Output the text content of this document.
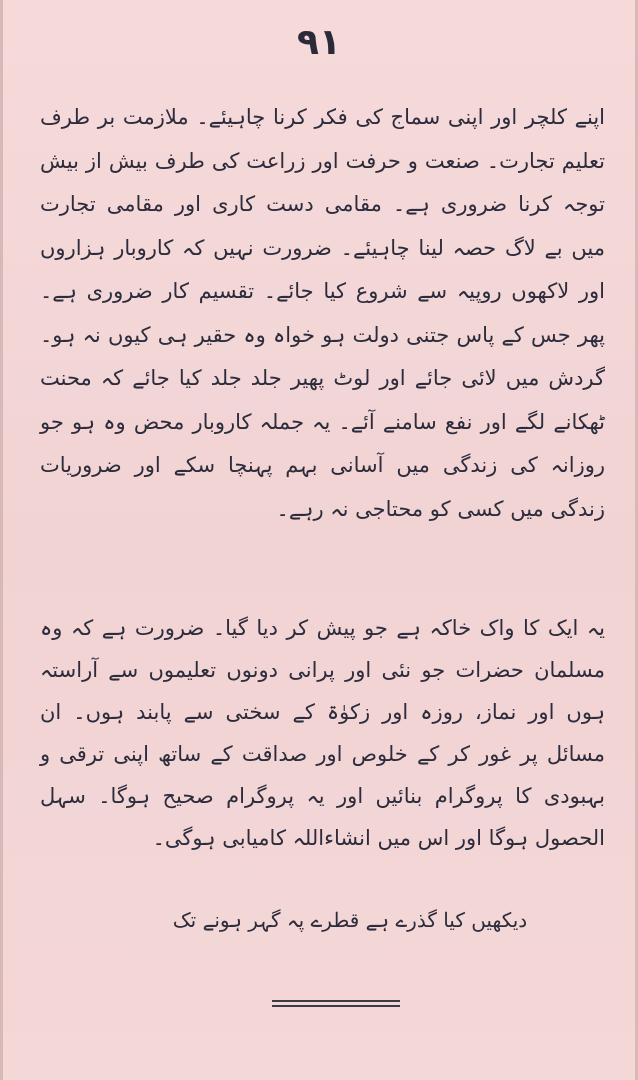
۹۱
اپنے کلچر اور اپنی سماج کی فکر کرنا چاہیئے۔ ملازمت بر طرف تعلیم تجارت۔ صنعت و حرفت اور زراعت کی طرف بیش از بیش توجہ کرنا ضروری ہے۔ مقامی دست کاری اور مقامی تجارت میں بے لاگ حصہ لینا چاہیئے۔ ضرورت نہیں کہ کاروبار ہزاروں اور لاکھوں روپیہ سے شروع کیا جائے۔ تقسیم کار ضروری ہے۔ پھر جس کے پاس جتنی دولت ہو خواہ وہ حقیر ہی کیوں نہ ہو۔ گردش میں لائی جائے اور لوٹ پھیر جلد جلد کیا جائے کہ محنت ٹھکانے لگے اور نفع سامنے آئے۔ یہ جملہ کاروبار محض وہ ہو جو روزانہ کی زندگی میں آسانی بہم پہنچا سکے اور ضروریات زندگی میں کسی کو محتاجی نہ رہے۔
یہ ایک کا واک خاکہ ہے جو پیش کر دیا گیا۔ ضرورت ہے کہ وہ مسلمان حضرات جو نئی اور پرانی دونوں تعلیموں سے آراستہ ہوں اور نماز، روزہ اور زکوٰۃ کے سختی سے پابند ہوں۔ ان مسائل پر غور کر کے خلوص اور صداقت کے ساتھ اپنی ترقی و بہبودی کا پروگرام بنائیں اور یہ پروگرام صحیح ہوگا۔ سہل الحصول ہوگا اور اس میں انشاءاللہ کامیابی ہوگی۔
دیکھیں کیا گذرے ہے قطرے پہ گہر ہونے تک
